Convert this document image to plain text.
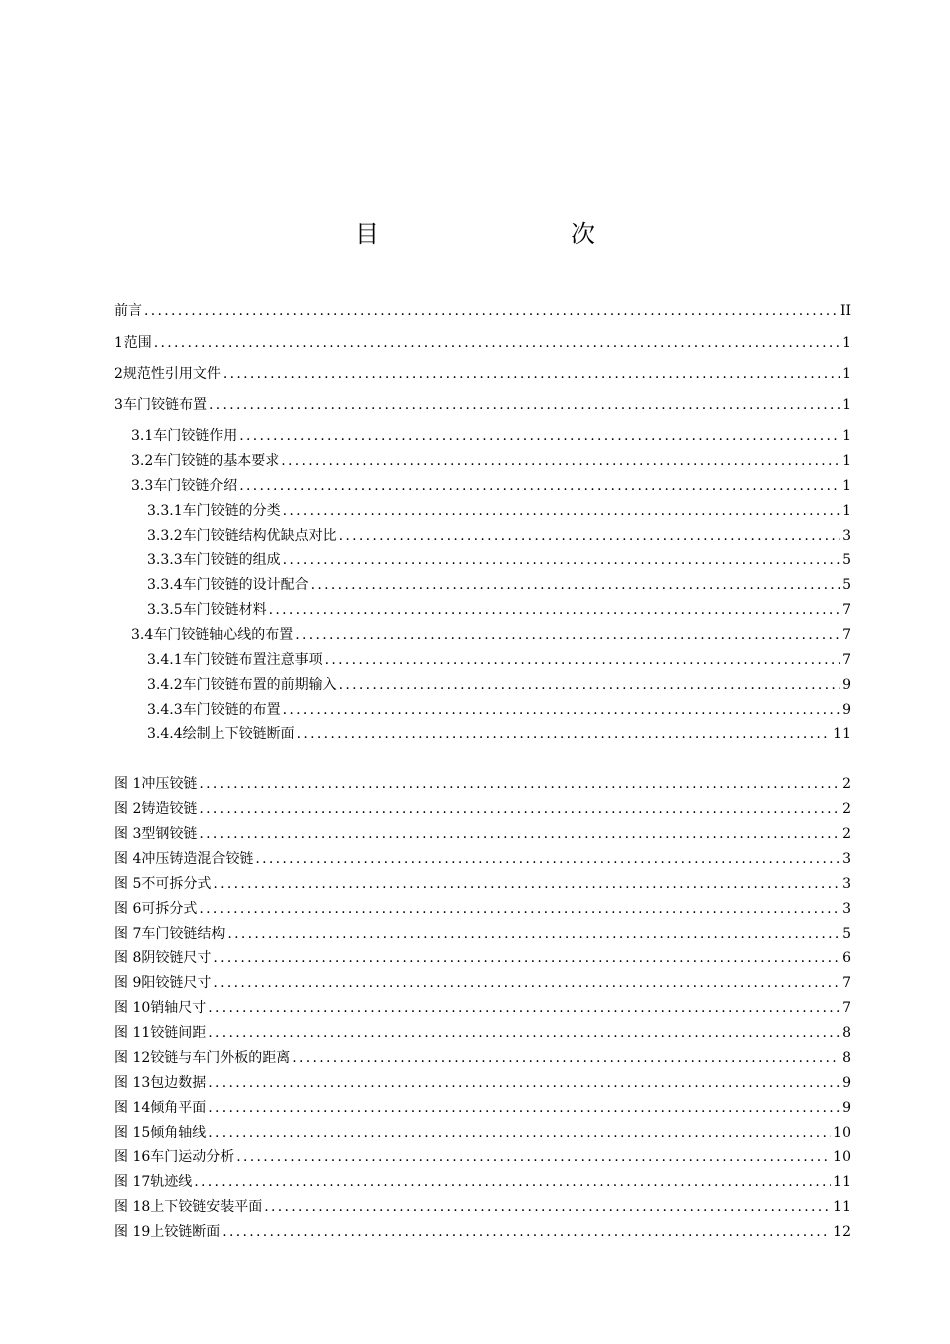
目　　次
前言 .....	II
1 范围 .....	1
2 规范性引用文件 .....	1
3 车门铰链布置 .....	1
3.1 车门铰链作用 .....	1
3.2 车门铰链的基本要求 .....	1
3.3 车门铰链介绍 .....	1
3.3.1 车门铰链的分类 .....	1
3.3.2 车门铰链结构优缺点对比 .....	3
3.3.3 车门铰链的组成 .....	5
3.3.4 车门铰链的设计配合 .....	5
3.3.5 车门铰链材料 .....	7
3.4 车门铰链轴心线的布置 .....	7
3.4.1 车门铰链布置注意事项 .....	7
3.4.2 车门铰链布置的前期输入 .....	9
3.4.3 车门铰链的布置 .....	9
3.4.4 绘制上下铰链断面 .....	11
图 1 冲压铰链 .....	2
图 2 铸造铰链 .....	2
图 3 型钢铰链 .....	2
图 4 冲压铸造混合铰链 .....	3
图 5 不可拆分式 .....	3
图 6 可拆分式 .....	3
图 7 车门铰链结构 .....	5
图 8 阴铰链尺寸 .....	6
图 9 阳铰链尺寸 .....	7
图 10 销轴尺寸 .....	7
图 11 铰链间距 .....	8
图 12 铰链与车门外板的距离 .....	8
图 13 包边数据 .....	9
图 14 倾角平面 .....	9
图 15 倾角轴线 .....	10
图 16 车门运动分析 .....	10
图 17 轨迹线 .....	11
图 18 上下铰链安装平面 .....	11
图 19 上铰链断面 .....	12
